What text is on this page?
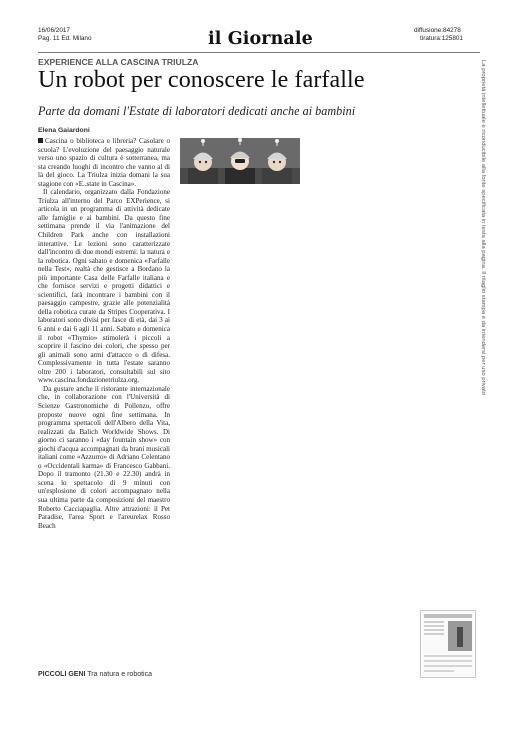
16/06/2017
Pag. 11 Ed. Milano
diffusione:84278
tiratura:125801
il Giornale
EXPERIENCE ALLA CASCINA TRIULZA
Un robot per conoscere le farfalle
Parte da domani l'Estate di laboratori dedicati anche ai bambini
Elena Gaiardoni

Cascina o biblioteca e libreria? Casolare o scuola? L'evoluzione del paesaggio naturale verso uno spazio di cultura è sotterranea, ma sta creando luoghi di incontro che vanno al di là del gioco. La Triulza inizia domani la sua stagione con «E..state in Cascina».

Il calendario, organizzato dalla Fondazione Triulza all'interno del Parco EXPerience, si articola in un programma di attività dedicate alle famiglie e ai bambini. Da questo fine settimana prende il via l'animazione del Children Park anche con installazioni interattive. Le lezioni sono caratterizzate dall'incontro di due mondi estremi: la natura e la robotica. Ogni sabato e domenica «Farfalle nella Test», realtà che gestisce a Bordano la più importante Casa delle Farfalle italiana e che fornisce servizi e progetti didattici e scientifici, farà incontrare i bambini con il paesaggio campestre, grazie alle potenzialità della robotica curate da Stripes Cooperativa. I laboratori sono divisi per fasce di età, dai 3 ai 6 anni e dai 6 agli 11 anni. Sabato e domenica il robot «Thymio» stimolerà i piccoli a scoprire il fascino dei colori, che spesso per gli animali sono armi d'attacco o di difesa. Complessivamente in tutta l'estate saranno oltre 200 i laboratori, consultabili sul sito www.cascina.fondazionetriulza.org.

Da gustare anche il ristorante internazionale che, in collaborazione con l'Università di Scienze Gastronomiche di Pollenzo, offre proposte nuove ogni fine settimana. In programma spettacoli dell'Albero della Vita, realizzati da Balich Worldwide Shows. Di giorno ci saranno i «day fountain show» con giochi d'acqua accompagnati da brani musicali italiani come «Azzurro» di Adriano Celentano o «Occidentali karma» di Francesco Gabbani. Dopo il tramonto (21.30 e 22.30) andrà in scena lo spettacolo di 9 minuti con un'esplosione di colori accompagnato nella sua ultima parte da composizioni del maestro Roberto Cacciapaglia. Altre attrazioni: il Pet Paradise, l'area Sport e l'areurelax Rosso Beach

PICCOLI GENI Tra natura e robotica
La proprietà intellettuale è riconducibile alla fonte specificata in testa alla pagina. Il ritaglio stampa è da intendersi per uso privato
